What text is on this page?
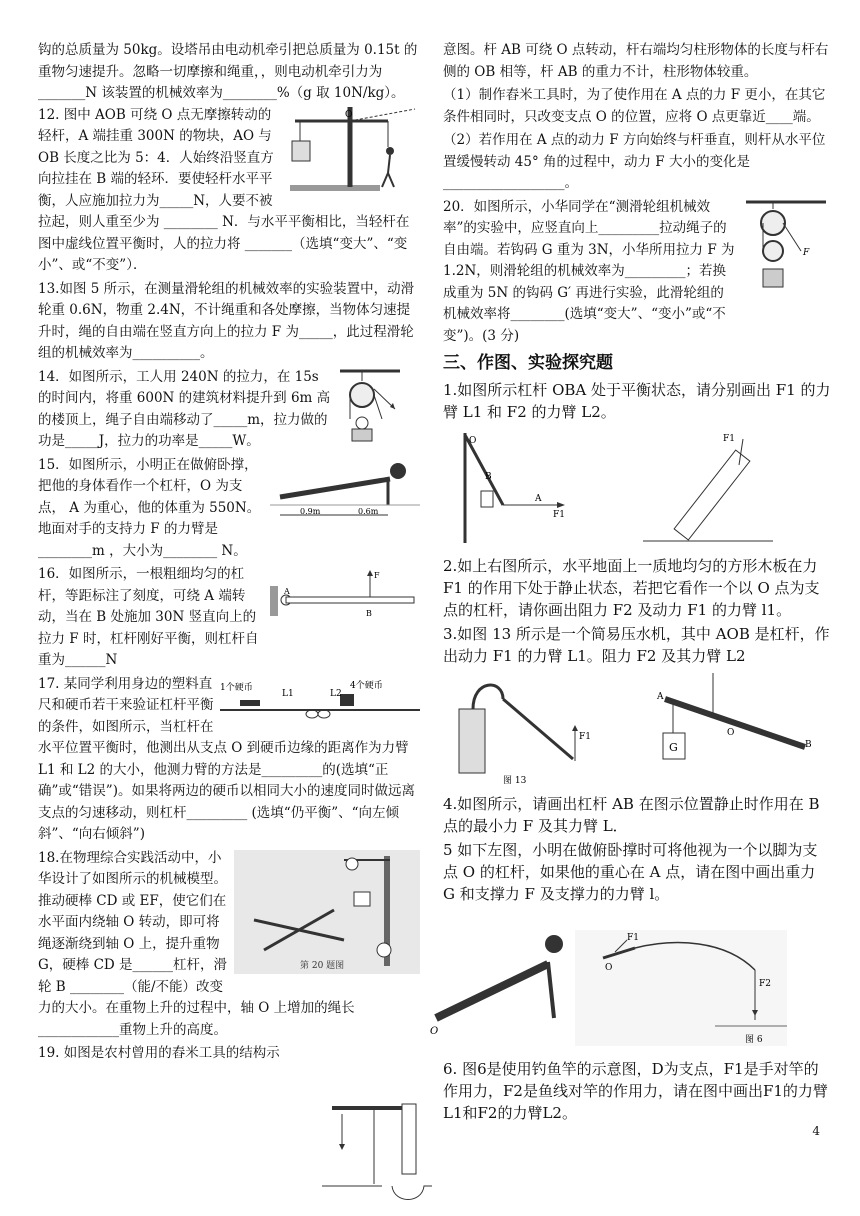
钩的总质量为 50kg。设塔吊由电动机牵引把总质量为 0.15t 的重物匀速提升。忽略一切摩擦和绳重，，则电动机牵引力为_______N 该装置的机械效率为________%（g 取 10N/kg）。

O

12. 图中 AOB 可绕 O 点无摩擦转动的轻杆，A 端挂重 300N 的物块，AO 与 OB 长度之比为 5：4．人始终沿竖直方向拉挂在 B 端的轻环．要使轻杆水平平衡，人应施加拉力为_____N，人要不被拉起，则人重至少为 ________ N．与水平平衡相比，当轻杆在图中虚线位置平衡时，人的拉力将 _______（选填“变大”、“变小”、或“不变”）．

13.如图 5 所示，在测量滑轮组的机械效率的实验装置中，动滑轮重 0.6N，物重 2.4N，不计绳重和各处摩擦，当物体匀速提升时，绳的自由端在竖直方向上的拉力 F 为_____，此过程滑轮组的机械效率为__________。

14．如图所示，工人用 240N 的拉力，在 15s 的时间内，将重 600N 的建筑材料提升到 6m 高的楼顶上，绳子自由端移动了_____m，拉力做的功是_____J，拉力的功率是_____W。

0.9m	0.6m

15．如图所示，小明正在做俯卧撑，把他的身体看作一个杠杆，O 为支点， A 为重心，他的体重为 550N。地面对手的支持力 F 的力臂是________m ，大小为________ N。

F
B
A

16．如图所示，一根粗细均匀的杠杆，等距标注了刻度，可绕 A 端转动，当在 B 处施加 30N 竖直向上的拉力 F 时，杠杆刚好平衡，则杠杆自重为______N

1个硬币	4个硬币
L1	L2

17. 某同学利用身边的塑料直尺和硬币若干来验证杠杆平衡的条件，如图所示，当杠杆在水平位置平衡时，他测出从支点 O 到硬币边缘的距离作为力臂 L1 和 L2 的大小，他测力臂的方法是_________的(选填“正确”或“错误”)。如果将两边的硬币以相同大小的速度同时做远离支点的匀速移动，则杠杆_________ (选填“仍平衡”、“向左倾斜”、“向右倾斜”)

第 20 题图

18.在物理综合实践活动中，小华设计了如图所示的机械模型。推动硬棒 CD 或 EF，使它们在水平面内绕轴 O 转动，即可将绳逐渐绕到轴 O 上，提升重物 G，硬棒 CD 是______杠杆，滑轮 B ________（能/不能）改变力的大小。在重物上升的过程中，轴 O 上增加的绳长____________重物上升的高度。

19. 如图是农村曾用的舂米工具的结构示

意图。杆 AB 可绕 O 点转动，杆右端均匀柱形物体的长度与杆右侧的 OB 相等，杆 AB 的重力不计，柱形物体较重。

（1）制作舂米工具时，为了使作用在 A 点的力 F 更小，在其它条件相同时，只改变支点 O 的位置，应将 O 点更靠近____端。

（2）若作用在 A 点的动力 F 方向始终与杆垂直，则杆从水平位置缓慢转动 45° 角的过程中，动力 F 大小的变化是__________________。

F

20．如图所示，小华同学在“测滑轮组机械效率”的实验中，应竖直向上_________拉动绳子的自由端。若钩码 G 重为 3N，小华所用拉力 F 为 1.2N，则滑轮组的机械效率为_________；若换成重为 5N 的钩码 G′ 再进行实验，此滑轮组的机械效率将________(选填“变大”、“变小”或“不变”)。(3 分)

三、作图、实验探究题

1.如图所示杠杆 OBA 处于平衡状态，请分别画出 F1 的力臂 L1 和 F2 的力臂 L2。

O
B
A
F1
F1

2.如上右图所示，水平地面上一质地均匀的方形木板在力 F1 的作用下处于静止状态，若把它看作一个以 O 点为支点的杠杆，请你画出阻力 F2 及动力 F1 的力臂 l1。

3.如图 13 所示是一个简易压水机，其中 AOB 是杠杆，作出动力 F1 的力臂 L1。阻力 F2 及其力臂 L2

F1
图 13
G
A
O
B

4.如图所示，请画出杠杆 AB 在图示位置静止时作用在 B 点的最小力 F 及其力臂 L．

5 如下左图，小明在做俯卧撑时可将他视为一个以脚为支点 O 的杠杆，如果他的重心在 A 点，请在图中画出重力 G 和支撑力 F 及支撑力的力臂 l。

O
F1
F2
O
图 6

6. 图6是使用钓鱼竿的示意图，D为支点，F1是手对竿的作用力，F2是鱼线对竿的作用力，请在图中画出F1的力臂L1和F2的力臂L2。

4
